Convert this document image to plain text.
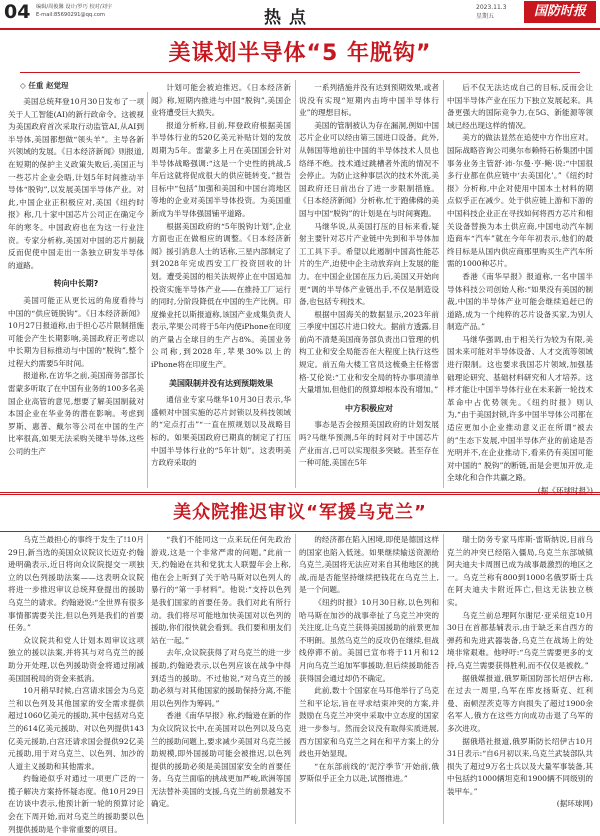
04 编辑/周俊馨 设计/罗巧 校对/刘宇
E-mail:85690291@qq.com	热点
2023.11.3
星期五	国防时报
美谋划半导体“5 年脱钩”
◇ 任重 赵觉珵

美国总统拜登10月30日发布了一项关于人工智能(AI)的新行政命令。这被视为美国政府首次采取行动监管AI,从AI到半导体,美国都想做“领头羊”。主导各新兴领域的发展。《日本经济新闻》则报道,在短期的保护主义政策失败后,美国正与一些芯片企业会晤,计划5年时间推动半导体“脱钩”,以发展美国半导体产业。对此,中国企业正积极应对,美国《纽约时报》称,几十家中国芯片公司正在确定今年的寒冬。中国政府也在为这一行业注资。专家分析称,美国对中国的芯片制裁反而促使中国走出一条独立研发半导体的道路。

转向中长期?

美国可能正从更长远的角度看待与中国的“供应链脱钩”。《日本经济新闻》10月27日报道称,由于担心芯片限制措施可能会产生长期影响,美国政府正考虑以中长期为目标推动与中国的“脱钩”,整个过程大约需要5年时间。

报道称,在访华之前,美国商务部部长雷蒙多听取了在中国有业务的100多名美国企业高管的意见,想要了解美国制裁对本国企业在华业务的潜在影响。考虑到罗斯、惠普、戴尔等公司在中国的生产比率很高,如果无法采购关键半导体,这些公司的生产

计划可能会被迫推迟。《日本经济新闻》称,短期内推进与中国“脱钩”,美国企业将遭受巨大损失。

报道分析称,目前,拜登政府根据美国半导体行业的520亿美元补贴计划的发放周期为5年。雷蒙多上月在美国国会针对半导体战略强调:“这是一个史性的挑战,5年后这就将促成很大的供应链转变。”报告目标中“包括”加强和美国和中国台湾地区等地的企业对美国半导体投资。为美国重新成为半导体强国铺平道路。

根据美国政府的“5年脱钩计划”,企业方面也正在做相应的调整。《日本经济新闻》援引消息人士的话称,三星内部制定了到2028年完成西安工厂投资回收的计划。遭受美国的相关法规停止在中国追加投资实施半导体产业——在推持工厂运行的同时,分阶段降低在中国的生产比例。印度操业托以斯报道称,该国产业成集负责人表示,苹果公司将于5年内使iPhone在印度的产量占全球目的生产占8%。美国业务公司称,到2028年,苹果30%以上的iPhone将在印度生产。

美国限制并没有达到预期效果

通信业专家马继华10月30日表示,华盛顿对中国实施的芯片封锁以及科技领域的“定点打击”“一直在照规划以及战略目标的。如果美国政府已期真的制定了打压中国半导体行业的“5年计划”。这表明美方政府采取的

一系列措施并没有达到预期效果,或者说没有实现“短期内击垮中国半导体行业”的理想目标。

美国的管制被认为存在漏洞,例如中国芯片企业可以经由第三国进口设备。此外,从韩国等地前往中国的半导体技术人员也络绎不绝。技术通过跳槽者外流的情况不会停止。为防止这种事层次的技术外流,美国政府还日前出台了进一步限制措施。《日本经济新闻》分析称,忙于跑佛佛的美国与中国“脱钩”的计划是在与时间赛跑。

马继华说,从美国打压的目标来看,疑射主要针对芯片产业链中先到和半导体加工工具下手。希望以此遏制中国高性能芯片的生产,迫使中企主动放弃向上发展的能力。在中国企业国在压力后,美国又开始向更“调的半导体产业链出手,不仅是制造设备,也包括专利技术。

根据中国海关的数据显示,2023年前三季度中国芯片进口较大。据前方透露,目前尚不清楚美国商务部负责出口管理的机构工业和安全局能否在大程度上执行这些规定。前五角大楼工官员这梳桑主任格雷格·艾伦说:“工业和安全局的特办事项清单大量增加,但他们的预算却根本没有增加。”

中方积极应对

事态是否会按照美国政府的计划发展吗?马继华预测,5年的时间对于中国芯片产业而言,已可以实现很多突破。甚至存在一种可能,美国在5年

后不仅无法达成自己的目标,反而会让中国半导体产业在压力下独立发展起来。具备更强大的国际竞争力,在5G、新能源等领域已经出现这样的情况。

美方的做法显然在追使中方作出应对。国际战略咨询公司奥尔布赖特石桥集团中国事务业务主管舒·沛·尔曼·亨·鲍·说:“中国很多行业都在供应链中‘去美国化’。”《纽约时报》分析称,中企对使用中国本土材料的期点似乎正在减少。处于供应链上游和下游的中国科技企业正在寻找如何将西方芯片和相关设备替换为本土供应商,中国电动汽车制造商车“汽车”就在今年年初表示,他们的最终目标是从国内供应商那里购买生产汽车所需的1000种芯片。

香港《南华早报》报道称,一名中国半导体科技公司创始人称:“如果没有美国的制裁,中国的半导体产业可能会继续追赶已的道路,成为一个纯粹的芯片设备买家,为别人制造产品。”

马继华强调,由于相关行为较为有限,美国未来可能对半导体设备、人才交流等领域进行限制。这也要求我国芯片领域,加强基础理论研究、基础材料研究和人才培养。这样才能让中国半导体行业在未来新一轮技术革命中占优势领先。《纽约时报》则认为,“由于美国封锁,许多中国半导体公司都在适应更加小企业推动意义正在所谓“被去的”生态下发展,中国半导体产业的前途是否光明并不,在企业推动下,看来仍有美国可能对中国的“ 脱钩”的断链,而是会更加开放,走全球化和合作共赢之路。

(据《环球时报》)

美众院推迟审议“军援乌克兰”

乌克兰最担心的事终于发生了!10月29日,新当选的美国众议院议长迈克·约翰逊明确表示,近日将向众议院提交一项独立的以色列援助法案——这表明众议院将进一步推迟审议总统拜登提出的援助乌克兰的请求。约翰逊说:“全世界有很多事情都需要关注,但以色列是我们的首要任务。”

众议院共和党人计划本周审议这项独立的援以法案,并将其与对乌克兰的援助分开处理,以色列援助资金将通过削减美国国税局的资金来抵消。

10月稍早时候,白宫请求国会为乌克兰和以色列及其他国家的安全需求提供超过1060亿美元的援助,其中包括对乌克兰的614亿美元援助、对以色列提供143亿美元援助,白宫还请求国会提供92亿美元援助,用于对乌克兰、以色列、加沙的人道主义援助和其他需求。

约翰逊似乎对通过一项更广泛的一揽子解决方案持怀疑态度。他10月29日在访谈中表示,他预计新一轮的预算讨论会在下周开始,而对乌克兰的援助要以色列提供援助是个非常重要的项目。

“我们不能同这一点来玩任何先政治游戏,这是一个非常严肃的问题。”此前一天,约翰逊在共和党犹太人联盟年会上称,他在会上听到了关于哈马斯对以色列人的暴行的“第一手材料”。他说:“支持以色列是我们国家的首要任务。我们对此有所行动。我们将尽可能地加快美国对以色列的援助,你们很快就会看到。我们要和朋友们站在一起。”

去年,众议院获得了对乌克兰的进一步援助,约翰逊表示,以色列应该在战争中得到适当的援助。不过他说,“对乌克兰的援助必须与对其他国家的援助保持分离,不能用以色列作为筹码。”

香港《南华早报》称,约翰逊在新的作为众议院议长中,在美国对以色列以及乌克兰的援助问题上,要求减少美国对乌克兰援助规模,即外国援助可能会被推迟,以色列提供的援助必须是美国国家安全的首要任务。乌克兰面临的挑战更加严峻,欧洲等国无法替补美国的支援,乌克兰的前景越发不确定。

的经济都在陷入困境,即使是德国这样的国家也陷入低迷。如果继续输送资源给乌克兰,美国将无法应对来自其他地区的挑战,而是否能坚持继续把钱花在乌克兰上,是一个问题。

《纽约时报》10月30日称,以色列和哈马斯在加沙的战事牵扯了乌克兰冲突的关注度,让乌克兰获得美国援助的前景更加不明朗。虽然乌克兰的反攻仍在继续,但战线停滞不前。美国已宣布将于11月和12月向乌克兰追加军事援助,但后续援助能否获得国会通过却仍不确定。

此前,数十个国家在马耳他举行了乌克兰和平论坛,旨在寻求结束冲突的方案,并鼓励在乌克兰冲突中采取中立态度的国家进一步参与。然而会议没有取得实质进展,西方国家和乌克兰之间在和平方案上的分歧也开始显现。

“在东部前线的‘泥泞季节’开始前,俄罗斯似乎正全力以赴,试图推进。”

瑞士防务专家马库斯·雷斯纳说,目前乌克兰的冲突已经陷入僵局,乌克兰东部城镇阿夫迪夫卡周围已成为战事最激烈的地区之一。乌克兰称有800到1000名俄罗斯士兵在阿夫迪夫卡附近阵亡,但这无法独立核实。

乌克兰前总理阿尔谢尼·亚采纽克10月30日在首都基辅表示,由于缺乏来自西方的弹药和先进武器装备,乌克兰在战场上的处境非常艰难。他呼吁:“乌克兰需要更多的支持,乌克兰需要获得胜利,而不仅仅是被救。”

据俄媒报道,俄罗斯国防部长绍伊古称,在过去一周里,乌军在库皮扬斯克、红利曼、南顿涅茨克等方向损失了超过1900余名军人,俄方在这些方向成功击退了乌军的多次进攻。

据俄塔社报道,俄罗斯防长绍伊古10月31日表示:“自6月初以来,乌克兰武装部队共损失了超过9万名士兵以及大量军事装备,其中包括约1000辆坦克和1900辆不同级别的装甲车。”

(据环球网)
